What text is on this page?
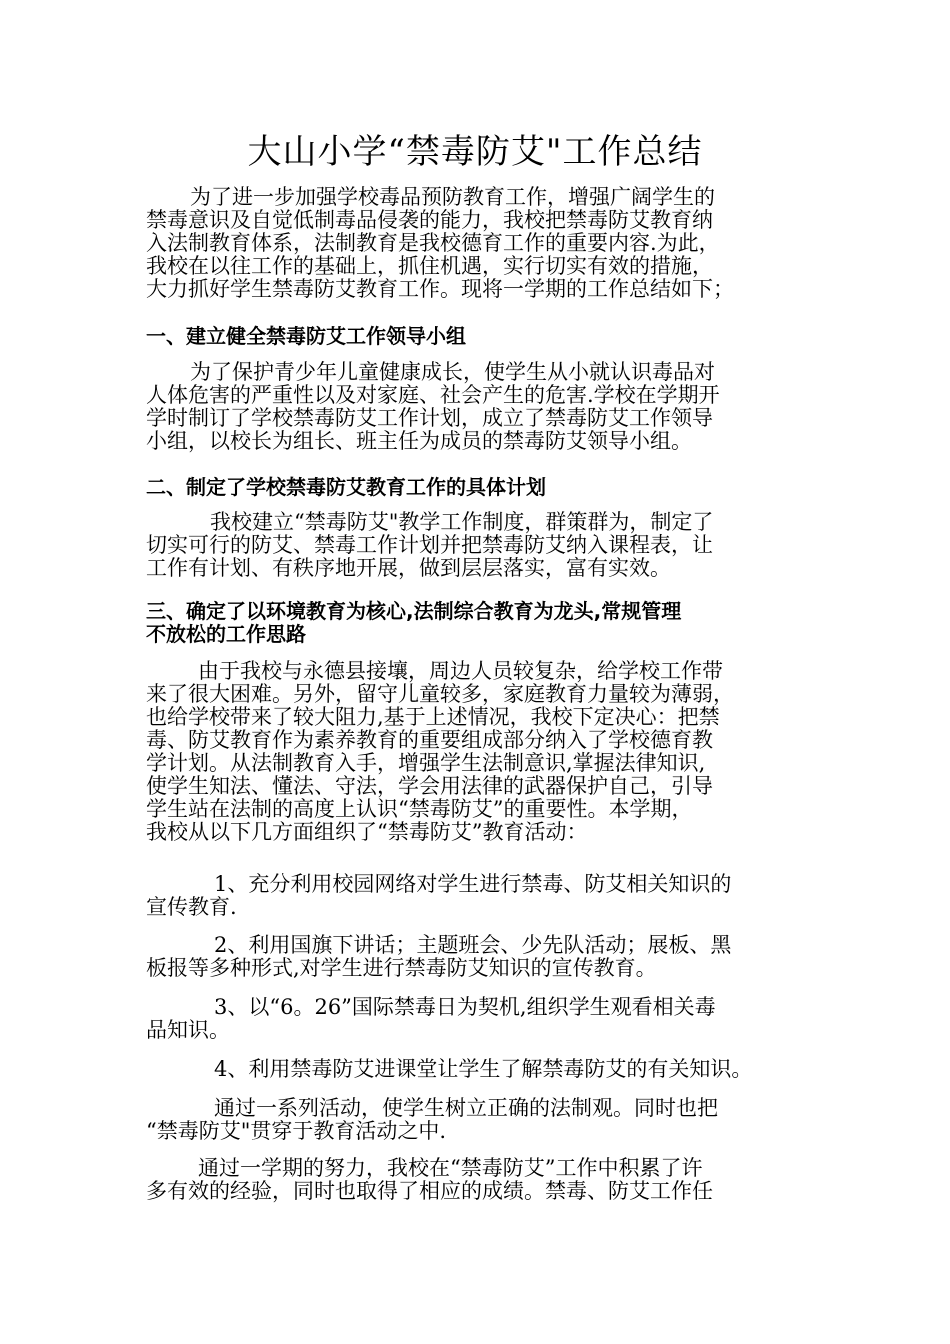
大山小学“禁毒防艾"工作总结
为了进一步加强学校毒品预防教育工作，增强广阔学生的
禁毒意识及自觉低制毒品侵袭的能力，我校把禁毒防艾教育纳
入法制教育体系，法制教育是我校德育工作的重要内容.为此，
我校在以往工作的基础上，抓住机遇，实行切实有效的措施，
大力抓好学生禁毒防艾教育工作。现将一学期的工作总结如下；
一、建立健全禁毒防艾工作领导小组
为了保护青少年儿童健康成长，使学生从小就认识毒品对
人体危害的严重性以及对家庭、社会产生的危害.学校在学期开
学时制订了学校禁毒防艾工作计划，成立了禁毒防艾工作领导
小组，以校长为组长、班主任为成员的禁毒防艾领导小组。
二、制定了学校禁毒防艾教育工作的具体计划
我校建立“禁毒防艾"教学工作制度，群策群为，制定了
切实可行的防艾、禁毒工作计划并把禁毒防艾纳入课程表，让
工作有计划、有秩序地开展，做到层层落实，富有实效。
三、确定了以环境教育为核心,法制综合教育为龙头,常规管理
不放松的工作思路
由于我校与永德县接壤，周边人员较复杂，给学校工作带
来了很大困难。另外，留守儿童较多，家庭教育力量较为薄弱，
也给学校带来了较大阻力,基于上述情况，我校下定决心：把禁
毒、防艾教育作为素养教育的重要组成部分纳入了学校德育教
学计划。从法制教育入手，增强学生法制意识,掌握法律知识,
使学生知法、懂法、守法，学会用法律的武器保护自己，引导
学生站在法制的高度上认识“禁毒防艾”的重要性。本学期，
我校从以下几方面组织了“禁毒防艾”教育活动：
1、充分利用校园网络对学生进行禁毒、防艾相关知识的
宣传教育.
2、利用国旗下讲话；主题班会、少先队活动；展板、黑
板报等多种形式,对学生进行禁毒防艾知识的宣传教育。
3、以“6。26”国际禁毒日为契机,组织学生观看相关毒
品知识。
4、利用禁毒防艾进课堂让学生了解禁毒防艾的有关知识。
通过一系列活动，使学生树立正确的法制观。同时也把
“禁毒防艾"贯穿于教育活动之中.
通过一学期的努力，我校在“禁毒防艾”工作中积累了许
多有效的经验，同时也取得了相应的成绩。禁毒、防艾工作任
